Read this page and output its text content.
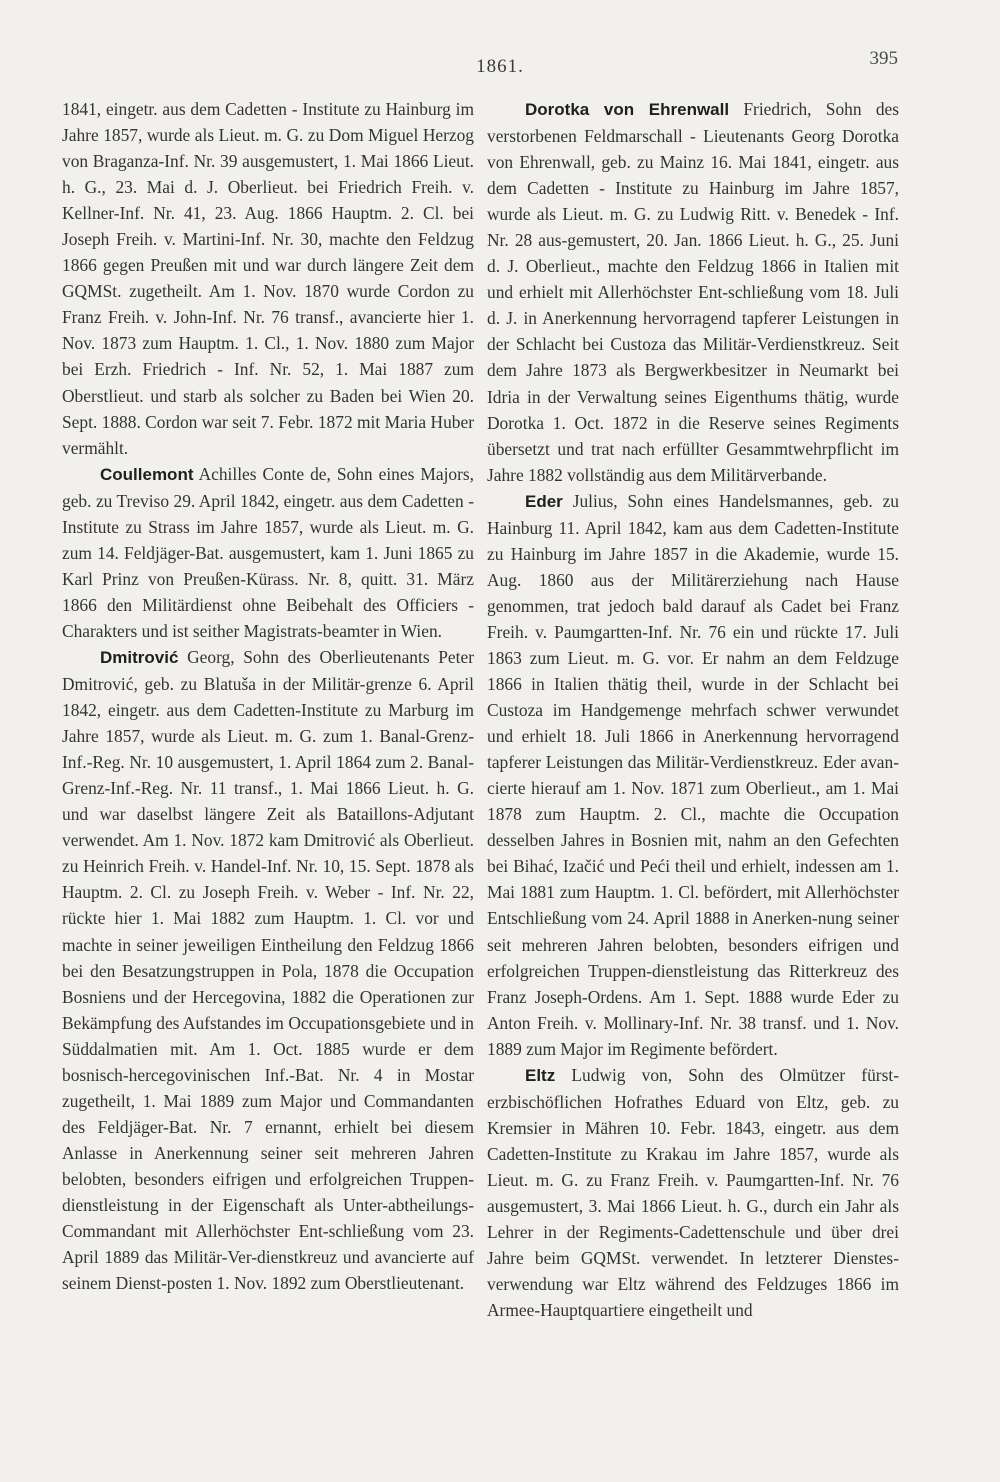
1861.	395

1841, eingetr. aus dem Cadetten - Institute zu Hainburg im Jahre 1857, wurde als Lieut. m. G. zu Dom Miguel Herzog von Braganza-Inf. Nr. 39 ausgemustert, 1. Mai 1866 Lieut. h. G., 23. Mai d. J. Oberlieut. bei Friedrich Freih. v. Kellner-Inf. Nr. 41, 23. Aug. 1866 Hauptm. 2. Cl. bei Joseph Freih. v. Martini-Inf. Nr. 30, machte den Feldzug 1866 gegen Preußen mit und war durch längere Zeit dem GQMSt. zugetheilt. Am 1. Nov. 1870 wurde Cordon zu Franz Freih. v. John-Inf. Nr. 76 transf., avancierte hier 1. Nov. 1873 zum Hauptm. 1. Cl., 1. Nov. 1880 zum Major bei Erzh. Friedrich - Inf. Nr. 52, 1. Mai 1887 zum Oberstlieut. und starb als solcher zu Baden bei Wien 20. Sept. 1888. Cordon war seit 7. Febr. 1872 mit Maria Huber vermählt.

Coullemont Achilles Conte de, Sohn eines Majors, geb. zu Treviso 29. April 1842, eingetr. aus dem Cadetten - Institute zu Strass im Jahre 1857, wurde als Lieut. m. G. zum 14. Feldjäger-Bat. ausgemustert, kam 1. Juni 1865 zu Karl Prinz von Preußen-Kürass. Nr. 8, quitt. 31. März 1866 den Militärdienst ohne Beibehalt des Officiers - Charakters und ist seither Magistrats-beamter in Wien.

Dmitrović Georg, Sohn des Oberlieutenants Peter Dmitrović, geb. zu Blatuša in der Militär-grenze 6. April 1842, eingetr. aus dem Cadetten-Institute zu Marburg im Jahre 1857, wurde als Lieut. m. G. zum 1. Banal-Grenz-Inf.-Reg. Nr. 10 ausgemustert, 1. April 1864 zum 2. Banal-Grenz-Inf.-Reg. Nr. 11 transf., 1. Mai 1866 Lieut. h. G. und war daselbst längere Zeit als Bataillons-Adjutant verwendet. Am 1. Nov. 1872 kam Dmitrović als Oberlieut. zu Heinrich Freih. v. Handel-Inf. Nr. 10, 15. Sept. 1878 als Hauptm. 2. Cl. zu Joseph Freih. v. Weber - Inf. Nr. 22, rückte hier 1. Mai 1882 zum Hauptm. 1. Cl. vor und machte in seiner jeweiligen Eintheilung den Feldzug 1866 bei den Besatzungstruppen in Pola, 1878 die Occupation Bosniens und der Hercegovina, 1882 die Operationen zur Bekämpfung des Aufstandes im Occupationsgebiete und in Süddalmatien mit. Am 1. Oct. 1885 wurde er dem bosnisch-hercegovinischen Inf.-Bat. Nr. 4 in Mostar zugetheilt, 1. Mai 1889 zum Major und Commandanten des Feldjäger-Bat. Nr. 7 ernannt, erhielt bei diesem Anlasse in Anerkennung seiner seit mehreren Jahren belobten, besonders eifrigen und erfolgreichen Truppen-dienstleistung in der Eigenschaft als Unter-abtheilungs-Commandant mit Allerhöchster Ent-schließung vom 23. April 1889 das Militär-Ver-dienstkreuz und avancierte auf seinem Dienst-posten 1. Nov. 1892 zum Oberstlieutenant.

Dorotka von Ehrenwall Friedrich, Sohn des verstorbenen Feldmarschall - Lieutenants Georg Dorotka von Ehrenwall, geb. zu Mainz 16. Mai 1841, eingetr. aus dem Cadetten - Institute zu Hainburg im Jahre 1857, wurde als Lieut. m. G. zu Ludwig Ritt. v. Benedek - Inf. Nr. 28 aus-gemustert, 20. Jan. 1866 Lieut. h. G., 25. Juni d. J. Oberlieut., machte den Feldzug 1866 in Italien mit und erhielt mit Allerhöchster Ent-schließung vom 18. Juli d. J. in Anerkennung hervorragend tapferer Leistungen in der Schlacht bei Custoza das Militär-Verdienstkreuz. Seit dem Jahre 1873 als Bergwerkbesitzer in Neumarkt bei Idria in der Verwaltung seines Eigenthums thätig, wurde Dorotka 1. Oct. 1872 in die Reserve seines Regiments übersetzt und trat nach erfüllter Gesammtwehrpflicht im Jahre 1882 vollständig aus dem Militärverbande.

Eder Julius, Sohn eines Handelsmannes, geb. zu Hainburg 11. April 1842, kam aus dem Cadetten-Institute zu Hainburg im Jahre 1857 in die Akademie, wurde 15. Aug. 1860 aus der Militärerziehung nach Hause genommen, trat jedoch bald darauf als Cadet bei Franz Freih. v. Paumgartten-Inf. Nr. 76 ein und rückte 17. Juli 1863 zum Lieut. m. G. vor. Er nahm an dem Feldzuge 1866 in Italien thätig theil, wurde in der Schlacht bei Custoza im Handgemenge mehrfach schwer verwundet und erhielt 18. Juli 1866 in Anerkennung hervorragend tapferer Leistungen das Militär-Verdienstkreuz. Eder avan-cierte hierauf am 1. Nov. 1871 zum Oberlieut., am 1. Mai 1878 zum Hauptm. 2. Cl., machte die Occupation desselben Jahres in Bosnien mit, nahm an den Gefechten bei Bihać, Izačić und Peći theil und erhielt, indessen am 1. Mai 1881 zum Hauptm. 1. Cl. befördert, mit Allerhöchster Entschließung vom 24. April 1888 in Anerken-nung seiner seit mehreren Jahren belobten, besonders eifrigen und erfolgreichen Truppen-dienstleistung das Ritterkreuz des Franz Joseph-Ordens. Am 1. Sept. 1888 wurde Eder zu Anton Freih. v. Mollinary-Inf. Nr. 38 transf. und 1. Nov. 1889 zum Major im Regimente befördert.

Eltz Ludwig von, Sohn des Olmützer fürst-erzbischöflichen Hofrathes Eduard von Eltz, geb. zu Kremsier in Mähren 10. Febr. 1843, eingetr. aus dem Cadetten-Institute zu Krakau im Jahre 1857, wurde als Lieut. m. G. zu Franz Freih. v. Paumgartten-Inf. Nr. 76 ausgemustert, 3. Mai 1866 Lieut. h. G., durch ein Jahr als Lehrer in der Regiments-Cadettenschule und über drei Jahre beim GQMSt. verwendet. In letzterer Dienstes-verwendung war Eltz während des Feldzuges 1866 im Armee-Hauptquartiere eingetheilt und
